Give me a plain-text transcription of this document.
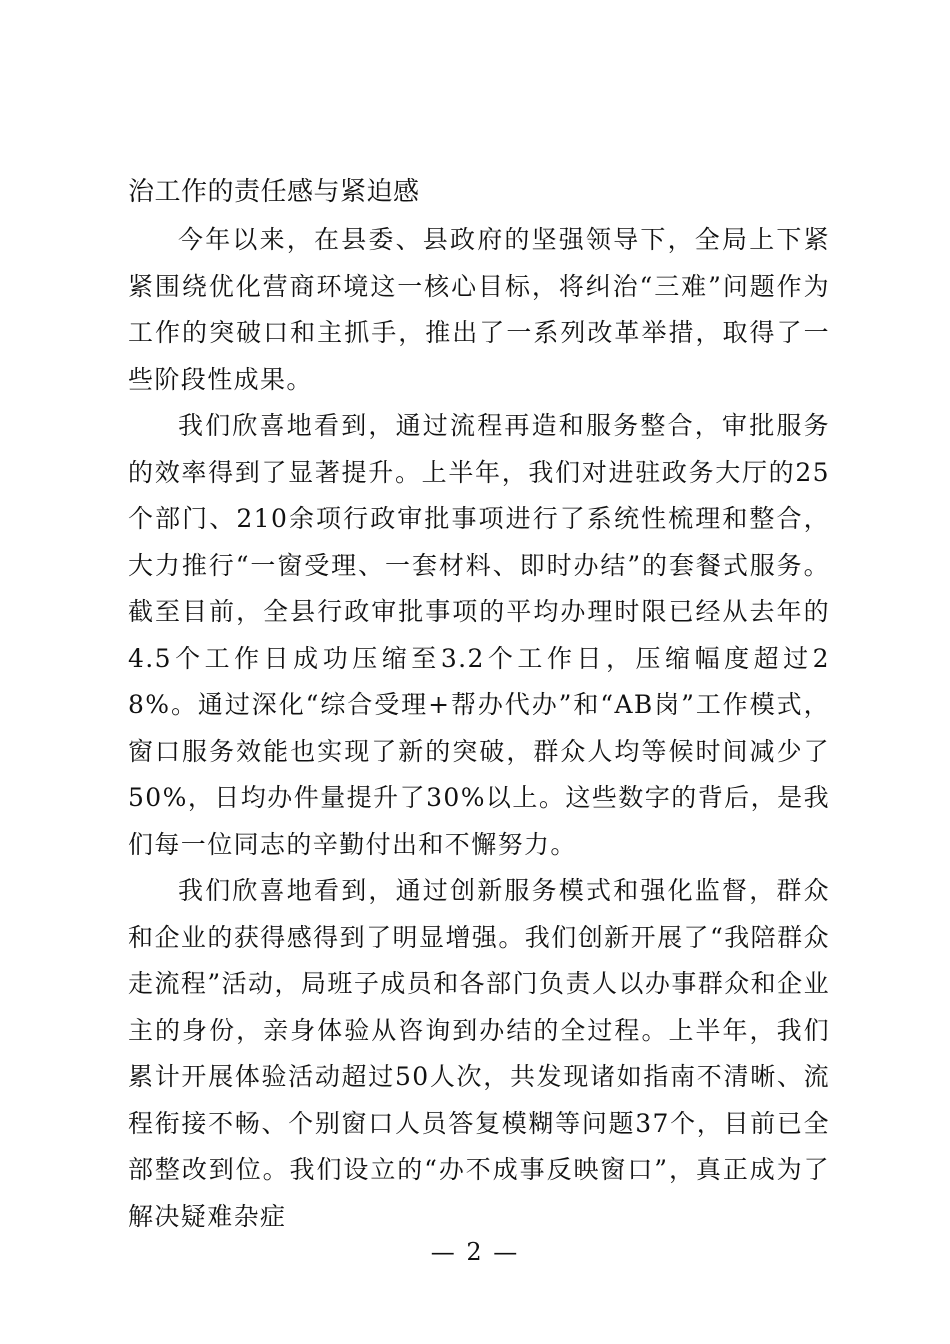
治工作的责任感与紧迫感

今年以来，在县委、县政府的坚强领导下，全局上下紧紧围绕优化营商环境这一核心目标，将纠治“三难”问题作为工作的突破口和主抓手，推出了一系列改革举措，取得了一些阶段性成果。

我们欣喜地看到，通过流程再造和服务整合，审批服务的效率得到了显著提升。上半年，我们对进驻政务大厅的25个部门、210余项行政审批事项进行了系统性梳理和整合，大力推行“一窗受理、一套材料、即时办结”的套餐式服务。截至目前，全县行政审批事项的平均办理时限已经从去年的4.5个工作日成功压缩至3.2个工作日，压缩幅度超过28%。通过深化“综合受理+帮办代办”和“AB岗”工作模式，窗口服务效能也实现了新的突破，群众人均等候时间减少了50%，日均办件量提升了30%以上。这些数字的背后，是我们每一位同志的辛勤付出和不懈努力。

我们欣喜地看到，通过创新服务模式和强化监督，群众和企业的获得感得到了明显增强。我们创新开展了“我陪群众走流程”活动，局班子成员和各部门负责人以办事群众和企业主的身份，亲身体验从咨询到办结的全过程。上半年，我们累计开展体验活动超过50人次，共发现诸如指南不清晰、流程衔接不畅、个别窗口人员答复模糊等问题37个，目前已全部整改到位。我们设立的“办不成事反映窗口”，真正成为了解决疑难杂症

— 2 —
